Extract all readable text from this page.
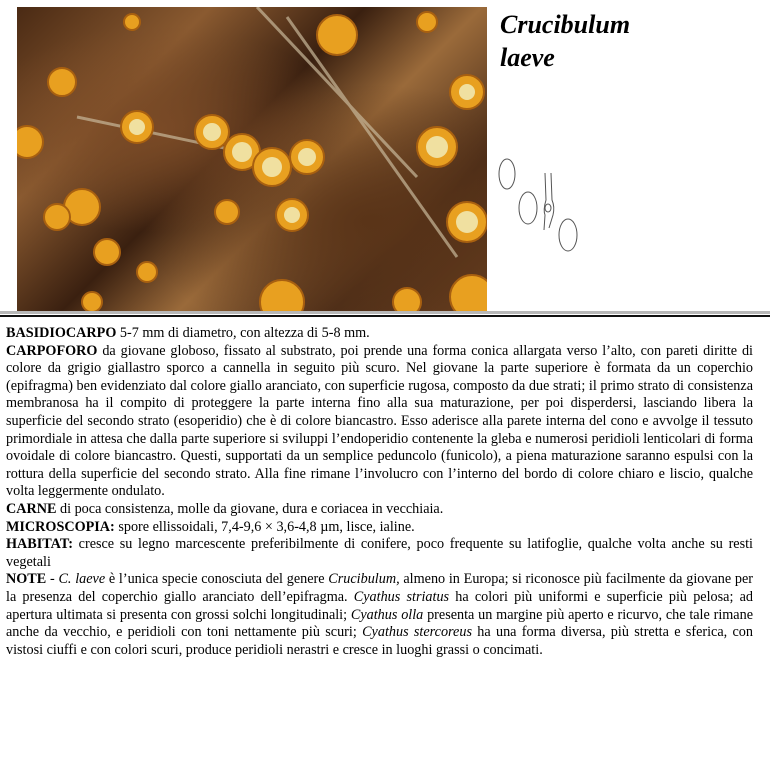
Crucibulum
laeve

BASIDIOCARPO 5-7 mm di diametro, con altezza di 5-8 mm.

CARPOFORO da giovane globoso, fissato al substrato, poi prende una forma conica allargata verso l’alto, con pareti diritte di colore da grigio giallastro sporco a cannella in seguito più scuro. Nel giovane la parte superiore è formata da un coperchio (epifragma) ben evidenziato dal colore giallo aranciato, con superficie rugosa, composto da due strati; il primo strato di consistenza membranosa ha il compito di proteggere la parte interna fino alla sua maturazione, per poi disperdersi, lasciando libera la superficie del secondo strato (esoperidio) che è di colore biancastro. Esso aderisce alla parete interna del cono e avvolge il tessuto primordiale in attesa che dalla parte superiore si sviluppi l’endoperidio contenente la gleba e numerosi peridioli lenticolari di forma ovoidale di colore biancastro. Questi, supportati da un semplice peduncolo (funicolo), a piena maturazione saranno espulsi con la rottura della superficie del secondo strato. Alla fine rimane l’involucro con l’interno del bordo di colore chiaro e liscio, qualche volta leggermente ondulato.

CARNE di poca consistenza, molle da giovane, dura e coriacea in vecchiaia.

MICROSCOPIA: spore ellissoidali, 7,4-9,6 × 3,6-4,8 µm, lisce, ialine.

HABITAT: cresce su legno marcescente preferibilmente di conifere, poco frequente su latifoglie, qualche volta anche su resti vegetali

NOTE - C. laeve è l’unica specie conosciuta del genere Crucibulum, almeno in Europa; si riconosce più facilmente da giovane per la presenza del coperchio giallo aranciato dell’epifragma. Cyathus striatus ha colori più uniformi e superficie più pelosa; ad apertura ultimata si presenta con grossi solchi longitudinali; Cyathus olla presenta un margine più aperto e ricurvo, che tale rimane anche da vecchio, e peridioli con toni nettamente più scuri; Cyathus stercoreus ha una forma diversa, più stretta e sferica, con vistosi ciuffi e con colori scuri, produce peridioli nerastri e cresce in luoghi grassi o concimati.
